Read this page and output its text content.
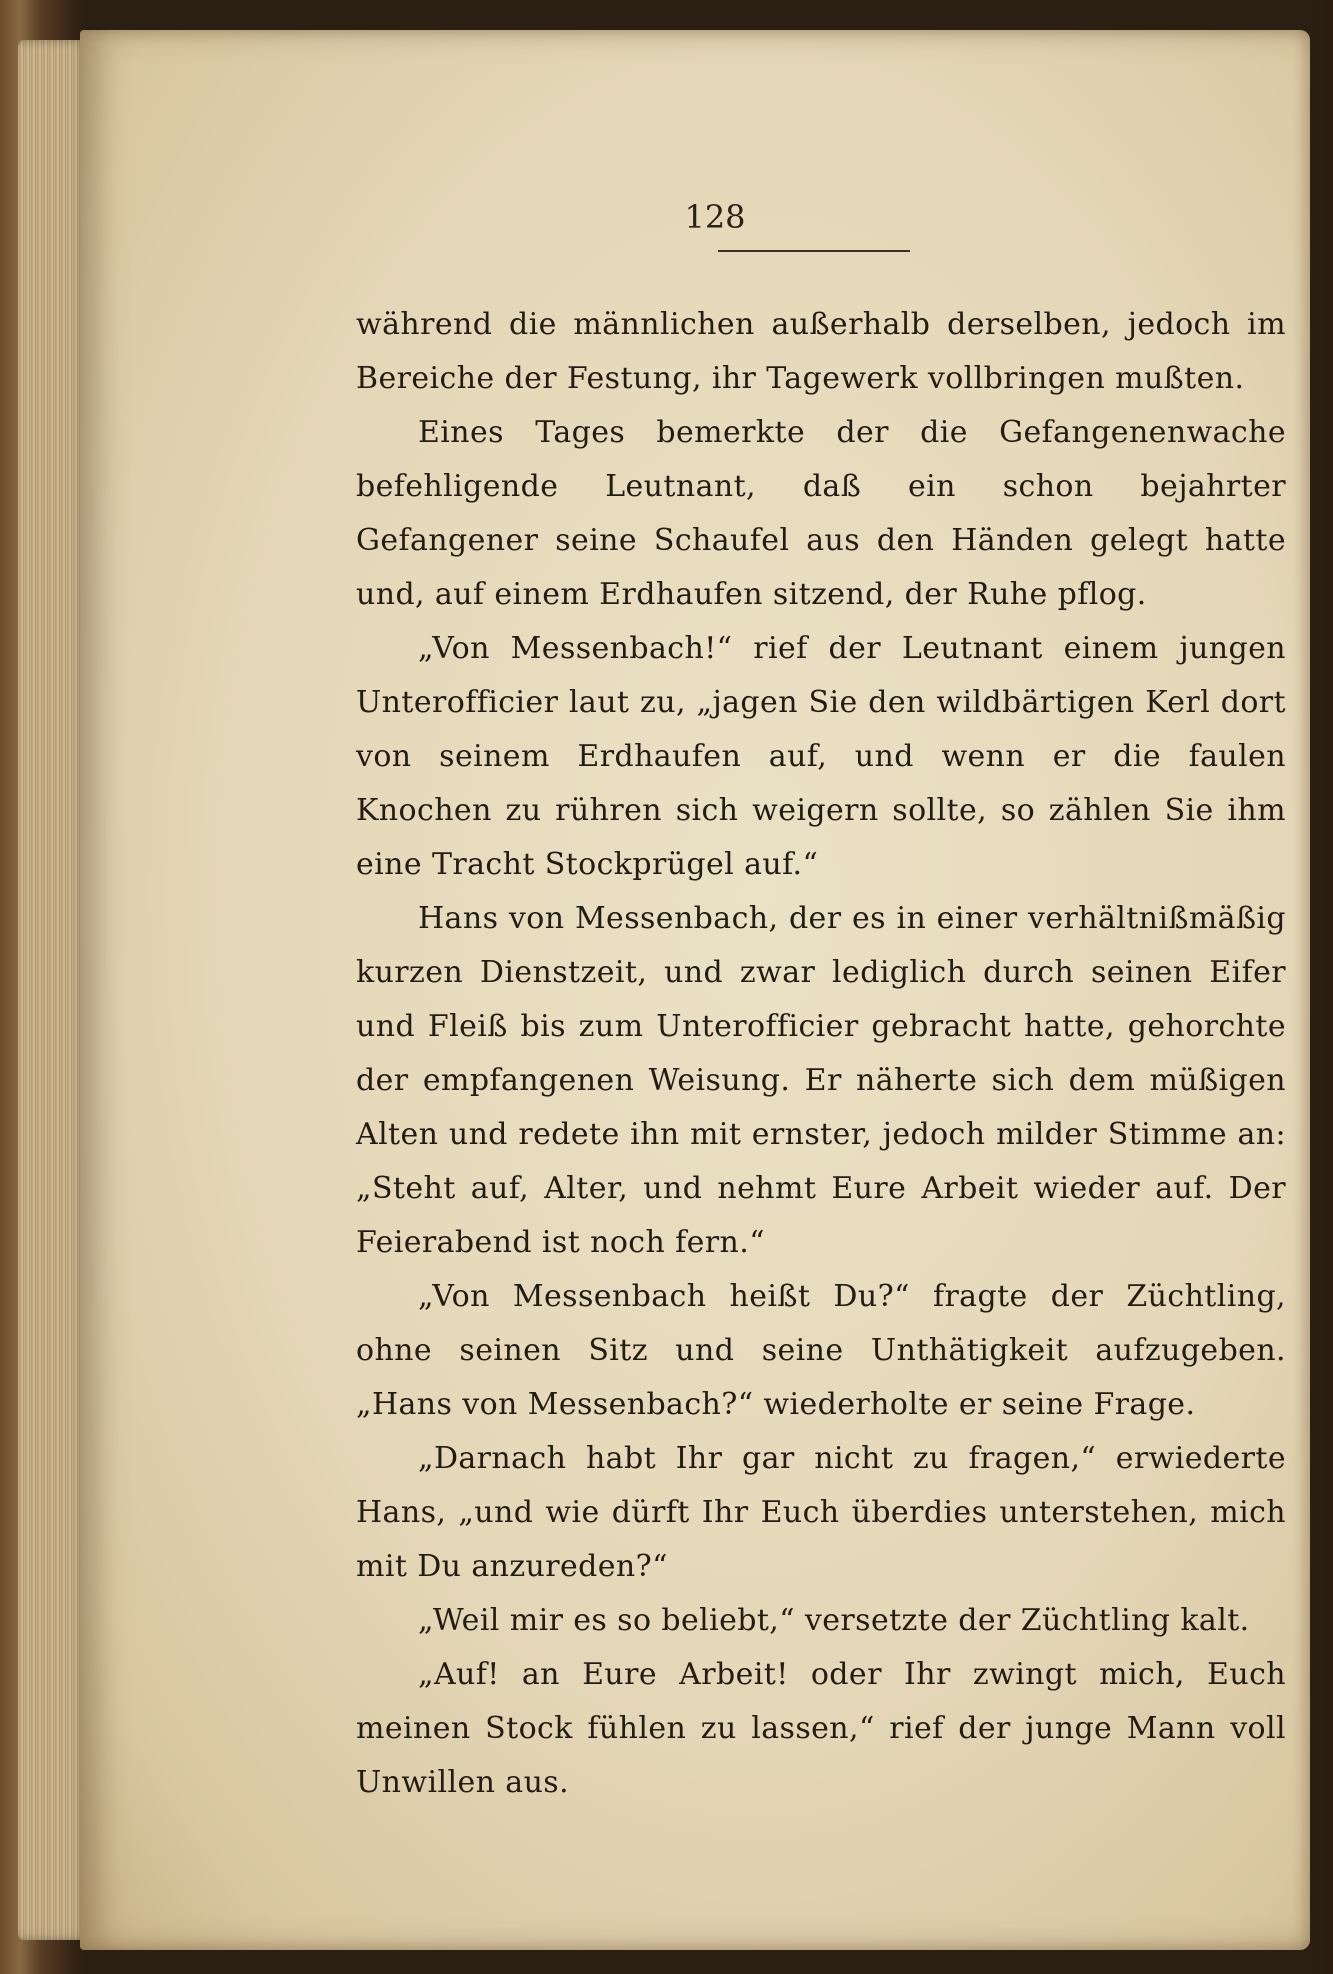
128

während die männlichen außerhalb derselben, jedoch im Bereiche der Festung, ihr Tagewerk vollbringen mußten.

Eines Tages bemerkte der die Gefangenenwache befehligende Leutnant, daß ein schon bejahrter Gefangener seine Schaufel aus den Händen gelegt hatte und, auf einem Erdhaufen sitzend, der Ruhe pflog.

„Von Messenbach!“ rief der Leutnant einem jungen Unterofficier laut zu, „jagen Sie den wildbärtigen Kerl dort von seinem Erdhaufen auf, und wenn er die faulen Knochen zu rühren sich weigern sollte, so zählen Sie ihm eine Tracht Stockprügel auf.“

Hans von Messenbach, der es in einer verhältnißmäßig kurzen Dienstzeit, und zwar lediglich durch seinen Eifer und Fleiß bis zum Unterofficier gebracht hatte, gehorchte der empfangenen Weisung. Er näherte sich dem müßigen Alten und redete ihn mit ernster, jedoch milder Stimme an: „Steht auf, Alter, und nehmt Eure Arbeit wieder auf. Der Feierabend ist noch fern.“

„Von Messenbach heißt Du?“ fragte der Züchtling, ohne seinen Sitz und seine Unthätigkeit aufzugeben. „Hans von Messenbach?“ wiederholte er seine Frage.

„Darnach habt Ihr gar nicht zu fragen,“ erwiederte Hans, „und wie dürft Ihr Euch überdies unterstehen, mich mit Du anzureden?“

„Weil mir es so beliebt,“ versetzte der Züchtling kalt.

„Auf! an Eure Arbeit! oder Ihr zwingt mich, Euch meinen Stock fühlen zu lassen,“ rief der junge Mann voll Unwillen aus.
